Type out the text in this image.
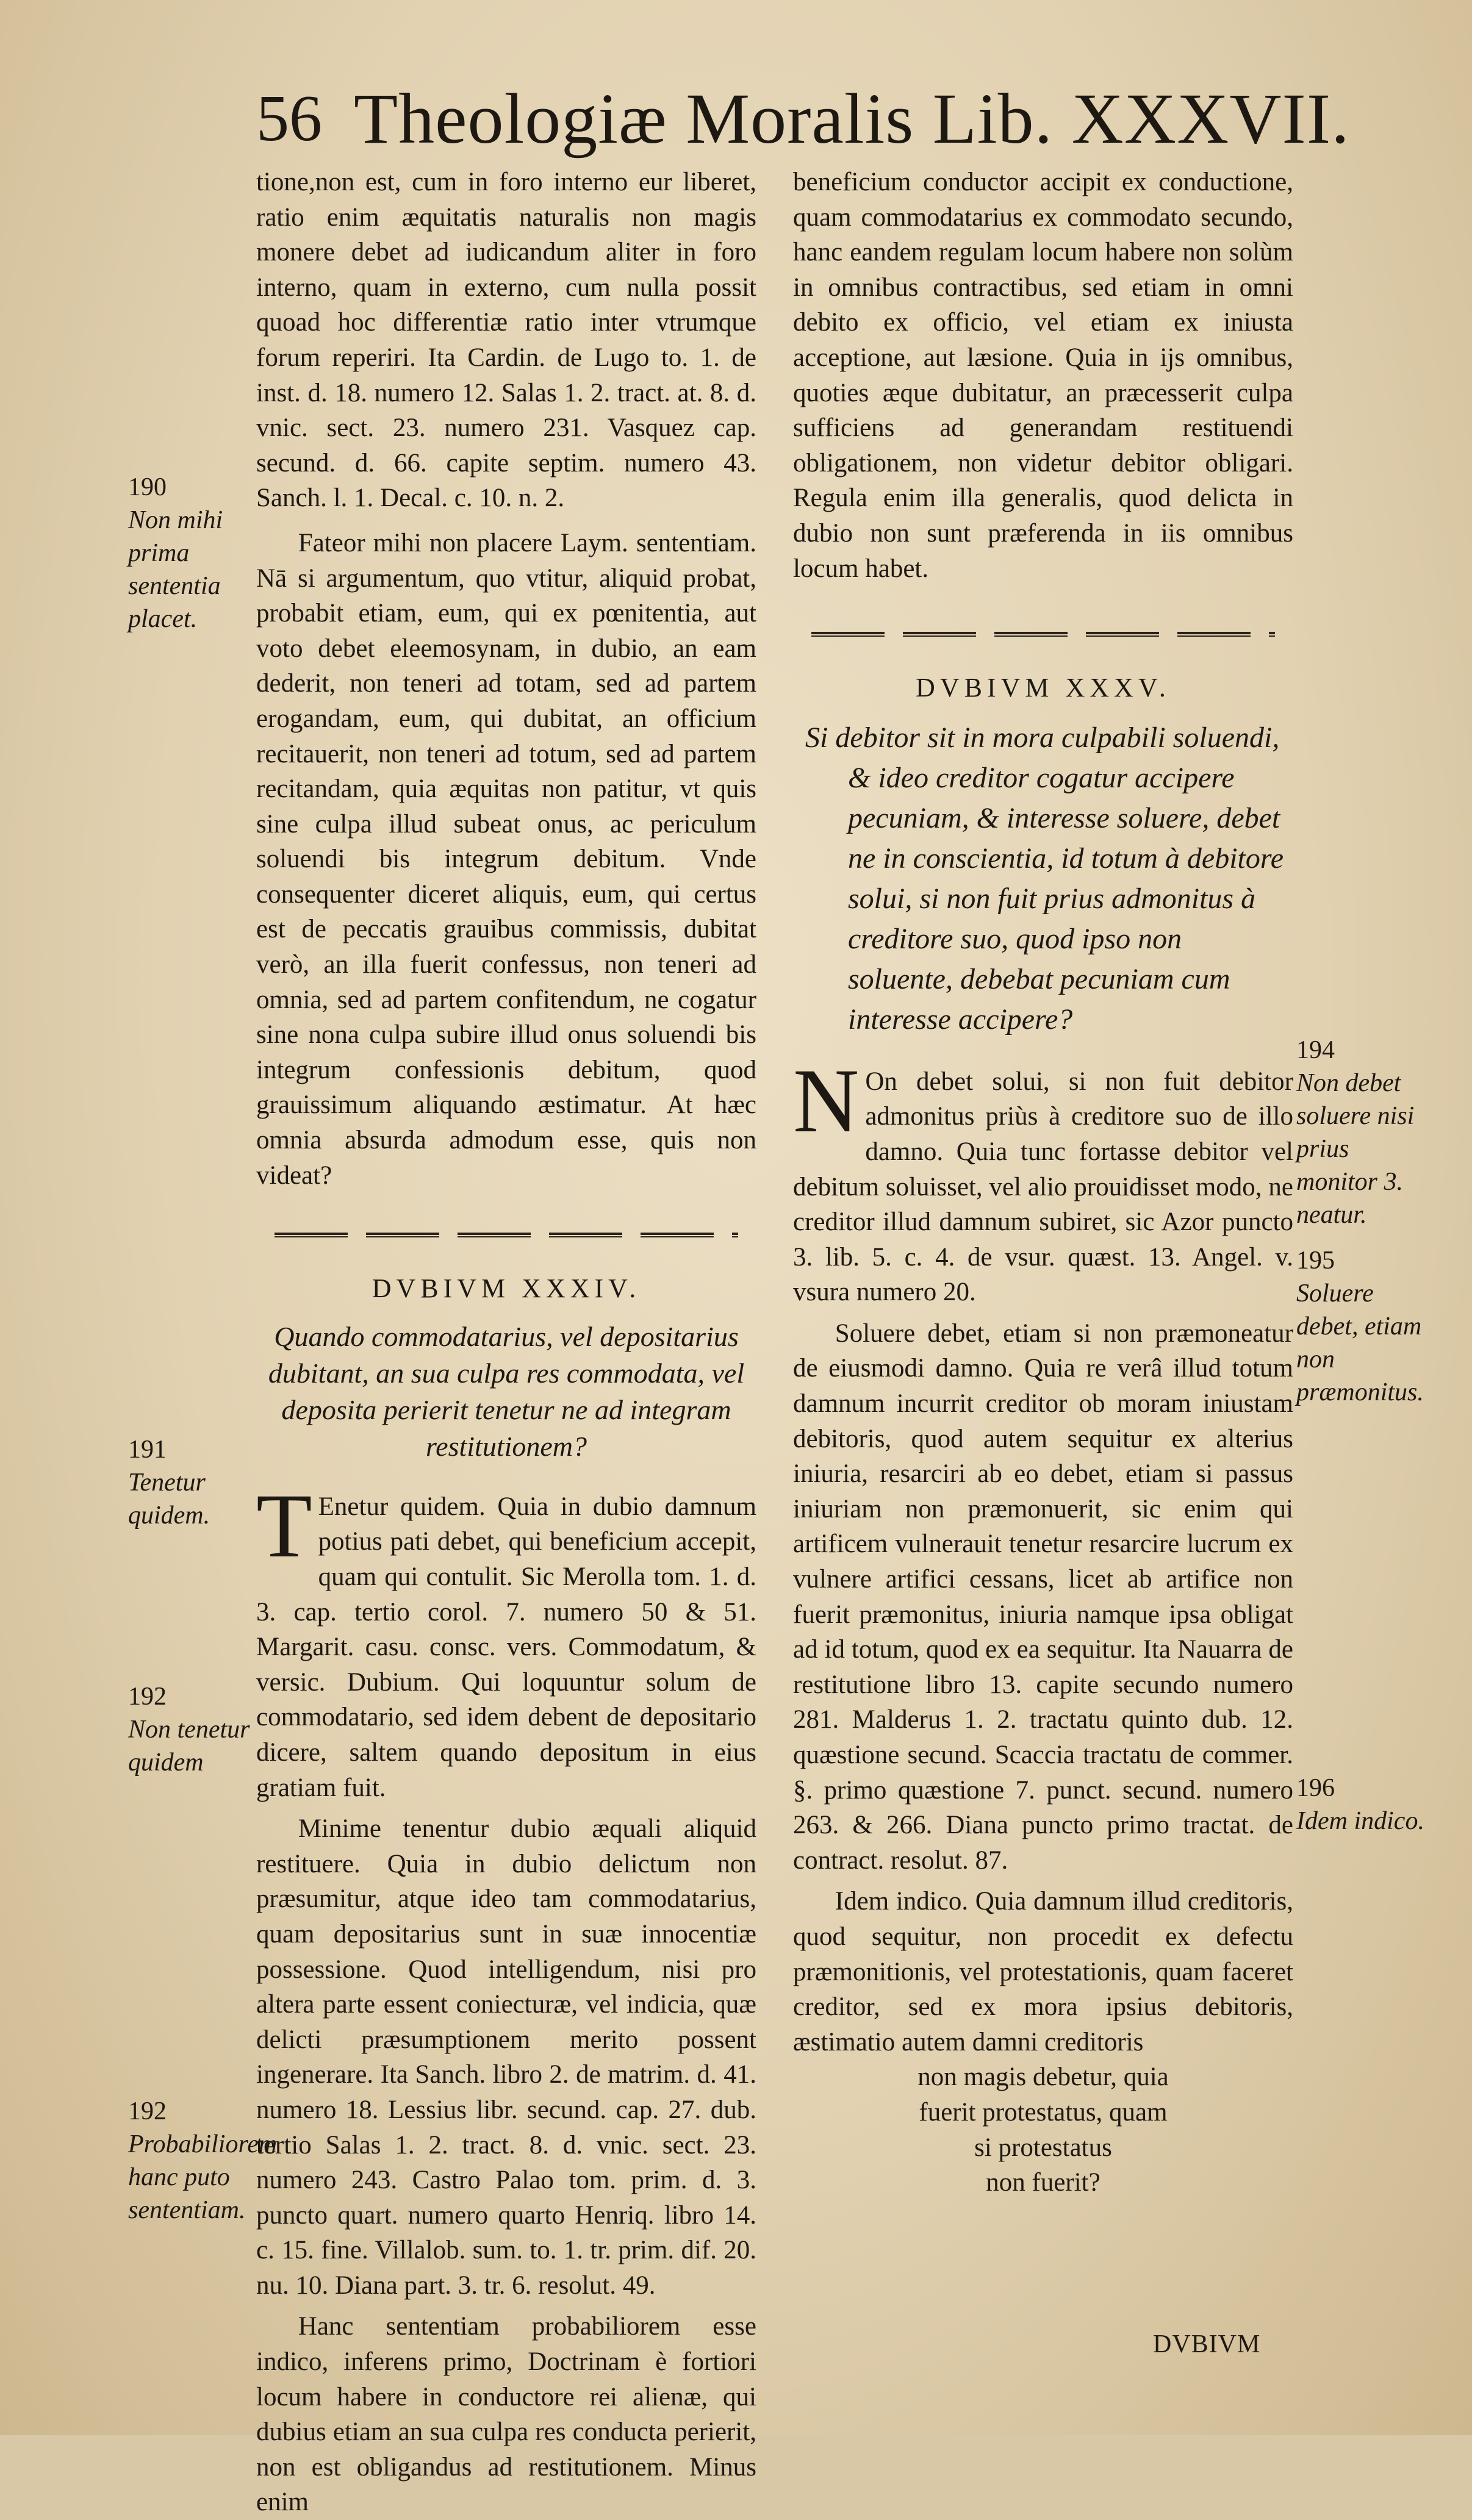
56 Theologiæ Moralis Lib. XXXVII.

tione,non est, cum in foro interno eur liberet, ratio enim æquitatis naturalis non magis monere debet ad iudicandum aliter in foro interno, quam in externo, cum nulla possit quoad hoc differentiæ ratio inter vtrumque forum reperiri. Ita Cardin. de Lugo to. 1. de inst. d. 18. numero 12. Salas 1. 2. tract. at. 8. d. vnic. sect. 23. numero 231. Vasquez cap. secund. d. 66. capite septim. numero 43. Sanch. l. 1. Decal. c. 10. n. 2.

Fateor mihi non placere Laym. sententiam. Nā si argumentum, quo vtitur, aliquid probat, probabit etiam, eum, qui ex pœnitentia, aut voto debet eleemosynam, in dubio, an eam dederit, non teneri ad totam, sed ad partem erogandam, eum, qui dubitat, an officium recitauerit, non teneri ad totum, sed ad partem recitandam, quia æquitas non patitur, vt quis sine culpa illud subeat onus, ac periculum soluendi bis integrum debitum. Vnde consequenter diceret aliquis, eum, qui certus est de peccatis grauibus commissis, dubitat verò, an illa fuerit confessus, non teneri ad omnia, sed ad partem confitendum, ne cogatur sine nona culpa subire illud onus soluendi bis integrum confessionis debitum, quod grauissimum aliquando æstimatur. At hæc omnia absurda admodum esse, quis non videat?

DVBIVM XXXIV.
Quando commodatarius, vel depositarius dubitant, an sua culpa res commodata, vel deposita perierit tenetur ne ad integram restitutionem?

T Enetur quidem. Quia in dubio damnum potius pati debet, qui beneficium accepit, quam qui contulit. Sic Merolla tom. 1. d. 3. cap. tertio corol. 7. numero 50 & 51. Margarit. casu. consc. vers. Commodatum, & versic. Dubium. Qui loquuntur solum de commodatario, sed idem debent de depositario dicere, saltem quando depositum in eius gratiam fuit.

Minime tenentur dubio æquali aliquid restituere. Quia in dubio delictum non præsumitur, atque ideo tam commodatarius, quam depositarius sunt in suæ innocentiæ possessione. Quod intelligendum, nisi pro altera parte essent coniecturæ, vel indicia, quæ delicti præsumptionem merito possent ingenerare. Ita Sanch. libro 2. de matrim. d. 41. numero 18. Lessius libr. secund. cap. 27. dub. tertio Salas 1. 2. tract. 8. d. vnic. sect. 23. numero 243. Castro Palao tom. prim. d. 3. puncto quart. numero quarto Henriq. libro 14. c. 15. fine. Villalob. sum. to. 1. tr. prim. dif. 20. nu. 10. Diana part. 3. tr. 6. resolut. 49.

Hanc sententiam probabiliorem esse indico, inferens primo, Doctrinam è fortiori locum habere in conductore rei alienæ, qui dubius etiam an sua culpa res conducta perierit, non est obligandus ad restitutionem. Minus enim

beneficium conductor accipit ex conductione, quam commodatarius ex commodato secundo, hanc eandem regulam locum habere non solùm in omnibus contractibus, sed etiam in omni debito ex officio, vel etiam ex iniusta acceptione, aut læsione. Quia in ijs omnibus, quoties æque dubitatur, an præcesserit culpa sufficiens ad generandam restituendi obligationem, non videtur debitor obligari. Regula enim illa generalis, quod delicta in dubio non sunt præferenda in iis omnibus locum habet.

DVBIVM XXXV.
Si debitor sit in mora culpabili soluendi,
& ideo creditor cogatur accipere pecuniam, & interesse soluere, debet ne in conscientia, id totum à debitore solui, si non fuit prius admonitus à creditore suo, quod ipso non soluente, debebat pecuniam cum interesse accipere?

N On debet solui, si non fuit debitor admonitus priùs à creditore suo de illo damno. Quia tunc fortasse debitor vel debitum soluisset, vel alio prouidisset modo, ne creditor illud damnum subiret, sic Azor puncto 3. lib. 5. c. 4. de vsur. quæst. 13. Angel. v. vsura numero 20.

Soluere debet, etiam si non præmoneatur de eiusmodi damno. Quia re verâ illud totum damnum incurrit creditor ob moram iniustam debitoris, quod autem sequitur ex alterius iniuria, resarciri ab eo debet, etiam si passus iniuriam non præmonuerit, sic enim qui artificem vulnerauit tenetur resarcire lucrum ex vulnere artifici cessans, licet ab artifice non fuerit præmonitus, iniuria namque ipsa obligat ad id totum, quod ex ea sequitur. Ita Nauarra de restitutione libro 13. capite secundo numero 281. Malderus 1. 2. tractatu quinto dub. 12. quæstione secund. Scaccia tractatu de commer. §. primo quæstione 7. punct. secund. numero 263. & 266. Diana puncto primo tractat. de contract. resolut. 87.

Idem indico. Quia damnum illud creditoris, quod sequitur, non procedit ex defectu præmonitionis, vel protestationis, quam faceret creditor, sed ex mora ipsius debitoris, æstimatio autem damni creditoris

non magis debetur, quia
fuerit protestatus, quam
si protestatus
non fuerit?
190
Non mihi prima sententia placet.
191
Tenetur quidem.
192
Non tenetur quidem
192
Probabiliorem hanc puto sententiam.
194
Non debet soluere nisi prius monitor 3. neatur.
195
Soluere debet, etiam non præmonitus.
196
Idem indico.
DVBIVM
